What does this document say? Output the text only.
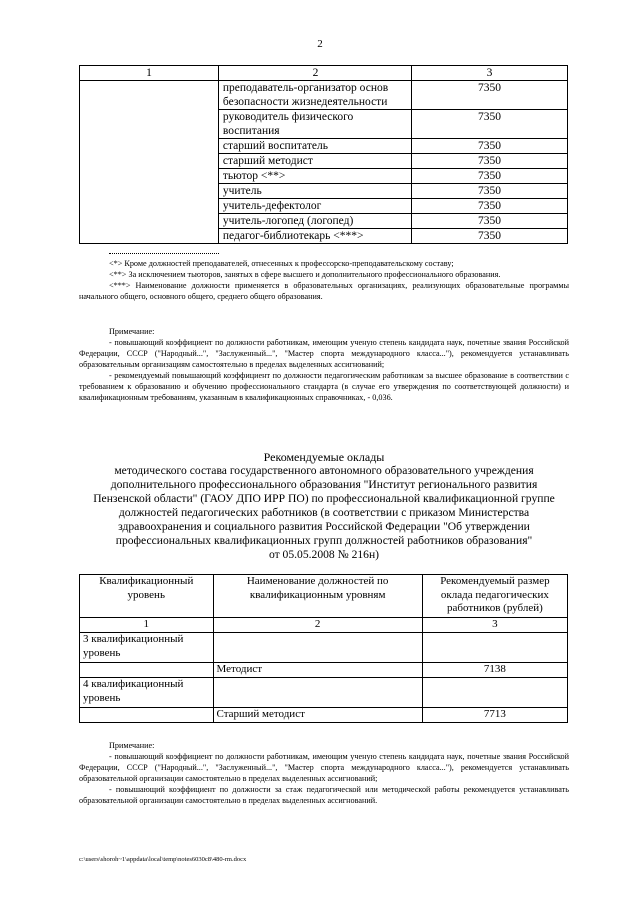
2
1	2	3
	преподаватель-организатор основ безопасности жизнедеятельности	7350
	руководитель физического воспитания	7350
	старший воспитатель	7350
	старший методист	7350
	тьютор <**>	7350
	учитель	7350
	учитель-дефектолог	7350
	учитель-логопед (логопед)	7350
	педагог-библиотекарь <***>	7350

<*> Кроме должностей преподавателей, отнесенных к профессорско-преподавательскому составу;

<**> За исключением тьюторов, занятых в сфере высшего и дополнительного профессионального образования.

<***> Наименование должности применяется в образовательных организациях, реализующих образовательные программы начального общего, основного общего, среднего общего образования.

Примечание:

- повышающий коэффициент по должности работникам, имеющим ученую степень кандидата наук, почетные звания Российской Федерации, СССР ("Народный...", "Заслуженный...", "Мастер спорта международного класса..."), рекомендуется устанавливать образовательным организациям самостоятельно в пределах выделенных ассигнований;

- рекомендуемый повышающий коэффициент по должности педагогическим работникам за высшее образование в соответствии с требованием к образованию и обучению профессионального стандарта (в случае его утверждения по соответствующей должности) и квалификационным требованиям, указанным в квалификационных справочниках, - 0,036.

Рекомендуемые оклады
методического состава государственного автономного образовательного учреждения
дополнительного профессионального образования "Институт регионального развития
Пензенской области" (ГАОУ ДПО ИРР ПО) по профессиональной квалификационной группе
должностей педагогических работников (в соответствии с приказом Министерства
здравоохранения и социального развития Российской Федерации "Об утверждении
профессиональных квалификационных групп должностей работников образования"
от 05.05.2008 № 216н)
Квалификационный уровень	Наименование должностей по квалификационным уровням	Рекомендуемый размер оклада педагогических работников (рублей)
1	2	3
3 квалификационный уровень		
	Методист	7138
4 квалификационный уровень		
	Старший методист	7713

Примечание:

- повышающий коэффициент по должности работникам, имеющим ученую степень кандидата наук, почетные звания Российской Федерации, СССР ("Народный...", "Заслуженный...", "Мастер спорта международного класса..."), рекомендуется устанавливать образовательной организации самостоятельно в пределах выделенных ассигнований;

- повышающий коэффициент по должности за стаж педагогической или методической работы рекомендуется устанавливать образовательной организации самостоятельно в пределах выделенных ассигнований.

c:\users\shoroh~1\appdata\local\temp\notes6030c8\480-rm.docx
